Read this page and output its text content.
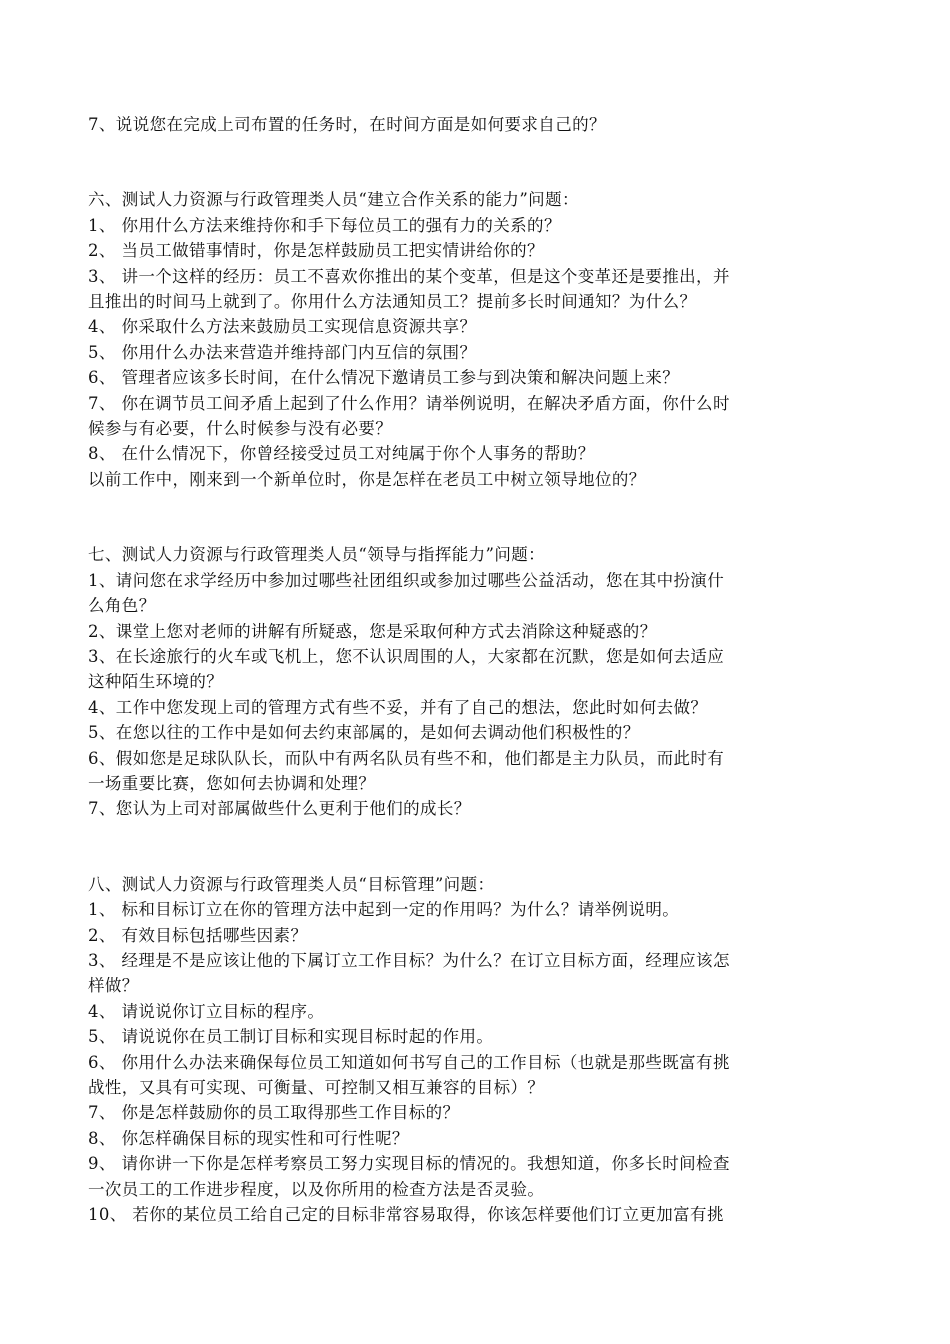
7、说说您在完成上司布置的任务时，在时间方面是如何要求自己的？
六、测试人力资源与行政管理类人员“建立合作关系的能力”问题：
1、 你用什么方法来维持你和手下每位员工的强有力的关系的？
2、 当员工做错事情时，你是怎样鼓励员工把实情讲给你的？
3、 讲一个这样的经历：员工不喜欢你推出的某个变革，但是这个变革还是要推出，并
且推出的时间马上就到了。你用什么方法通知员工？提前多长时间通知？为什么？
4、 你采取什么方法来鼓励员工实现信息资源共享？
5、 你用什么办法来营造并维持部门内互信的氛围？
6、 管理者应该多长时间，在什么情况下邀请员工参与到决策和解决问题上来？
7、 你在调节员工间矛盾上起到了什么作用？请举例说明，在解决矛盾方面，你什么时
候参与有必要，什么时候参与没有必要？
8、 在什么情况下，你曾经接受过员工对纯属于你个人事务的帮助？
以前工作中，刚来到一个新单位时，你是怎样在老员工中树立领导地位的？
七、测试人力资源与行政管理类人员“领导与指挥能力”问题：
1、请问您在求学经历中参加过哪些社团组织或参加过哪些公益活动，您在其中扮演什
么角色？
2、课堂上您对老师的讲解有所疑惑，您是采取何种方式去消除这种疑惑的？
3、在长途旅行的火车或飞机上，您不认识周围的人，大家都在沉默，您是如何去适应
这种陌生环境的？
4、工作中您发现上司的管理方式有些不妥，并有了自己的想法，您此时如何去做？
5、在您以往的工作中是如何去约束部属的，是如何去调动他们积极性的？
6、假如您是足球队队长，而队中有两名队员有些不和，他们都是主力队员，而此时有
一场重要比赛，您如何去协调和处理？
7、您认为上司对部属做些什么更利于他们的成长？
八、测试人力资源与行政管理类人员“目标管理”问题：
1、 标和目标订立在你的管理方法中起到一定的作用吗？为什么？请举例说明。
2、 有效目标包括哪些因素？
3、 经理是不是应该让他的下属订立工作目标？为什么？在订立目标方面，经理应该怎
样做？
4、 请说说你订立目标的程序。
5、 请说说你在员工制订目标和实现目标时起的作用。
6、 你用什么办法来确保每位员工知道如何书写自己的工作目标（也就是那些既富有挑
战性，又具有可实现、可衡量、可控制又相互兼容的目标）？
7、 你是怎样鼓励你的员工取得那些工作目标的？
8、 你怎样确保目标的现实性和可行性呢？
9、 请你讲一下你是怎样考察员工努力实现目标的情况的。我想知道，你多长时间检查
一次员工的工作进步程度，以及你所用的检查方法是否灵验。
10、 若你的某位员工给自己定的目标非常容易取得，你该怎样要他们订立更加富有挑
